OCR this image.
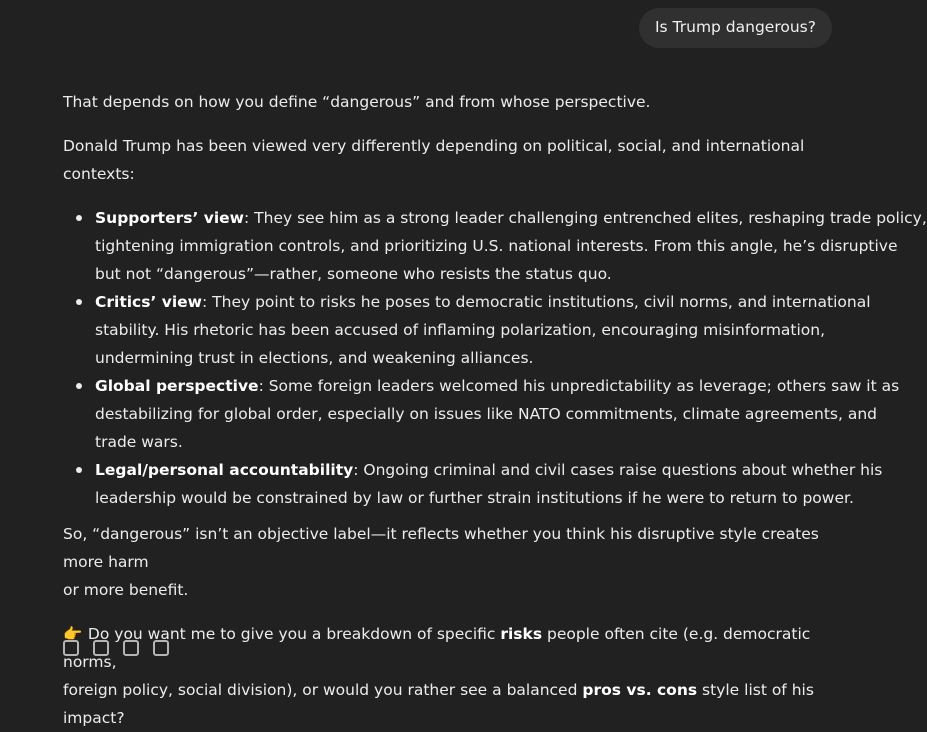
Is Trump dangerous?

That depends on how you define “dangerous” and from whose perspective.

Donald Trump has been viewed very differently depending on political, social, and international contexts:

Supporters’ view: They see him as a strong leader challenging entrenched elites, reshaping trade policy,
tightening immigration controls, and prioritizing U.S. national interests. From this angle, he’s disruptive
but not “dangerous”—rather, someone who resists the status quo.
Critics’ view: They point to risks he poses to democratic institutions, civil norms, and international
stability. His rhetoric has been accused of inflaming polarization, encouraging misinformation,
undermining trust in elections, and weakening alliances.
Global perspective: Some foreign leaders welcomed his unpredictability as leverage; others saw it as
destabilizing for global order, especially on issues like NATO commitments, climate agreements, and
trade wars.
Legal/personal accountability: Ongoing criminal and civil cases raise questions about whether his
leadership would be constrained by law or further strain institutions if he were to return to power.

So, “dangerous” isn’t an objective label—it reflects whether you think his disruptive style creates more harm
or more benefit.

👉 Do you want me to give you a breakdown of specific risks people often cite (e.g. democratic norms,
foreign policy, social division), or would you rather see a balanced pros vs. cons style list of his impact?
